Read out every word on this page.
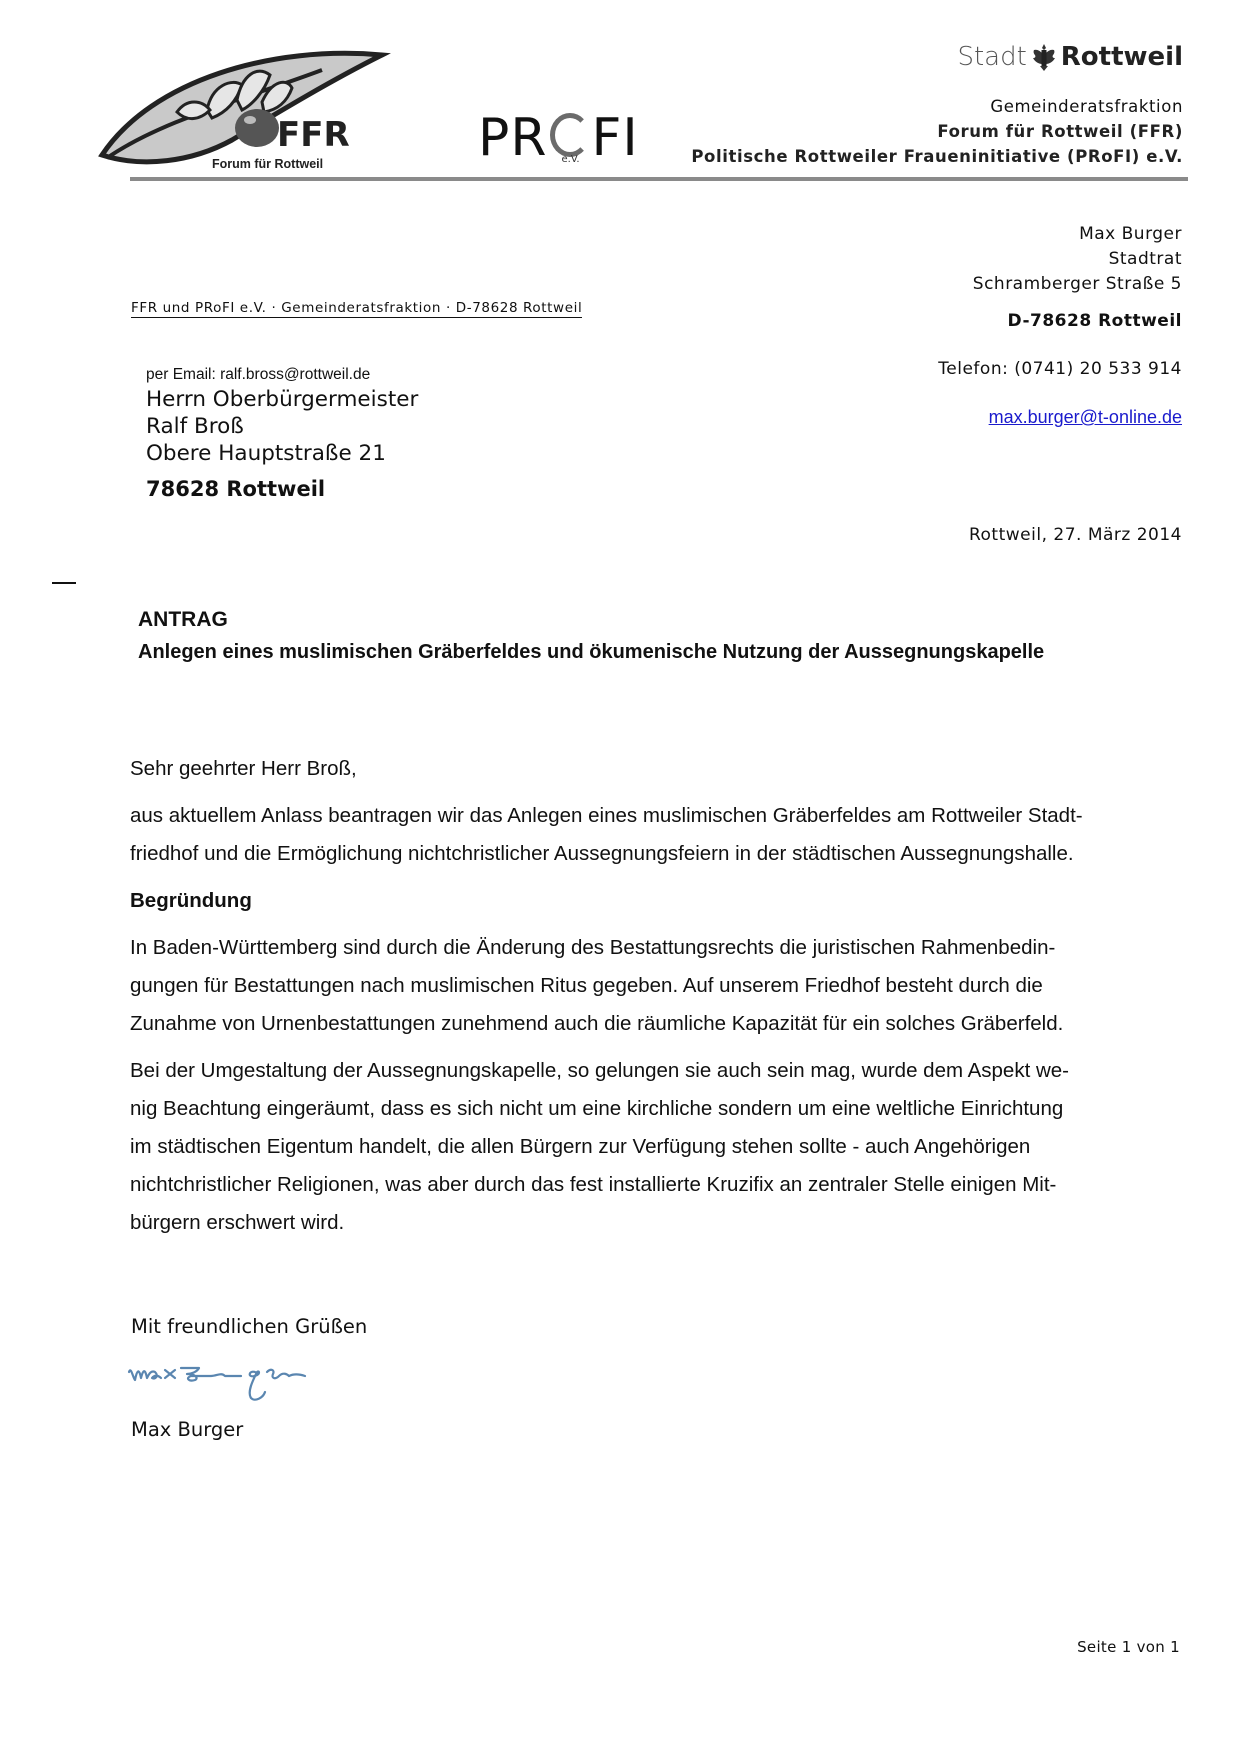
FFR
Forum für Rottweil	PR e.V. FI
Stadt Rottweil
Gemeinderatsfraktion
Forum für Rottweil (FFR)
Politische Rottweiler Fraueninitiative (PRoFI) e.V.
Max Burger
Stadtrat
Schramberger Straße 5
D-78628 Rottweil
Telefon: (0741) 20 533 914
max.burger@t-online.de
FFR und PRoFI e.V. · Gemeinderatsfraktion · D-78628 Rottweil
per Email: ralf.bross@rottweil.de
Herrn Oberbürgermeister
Ralf Broß
Obere Hauptstraße 21
78628 Rottweil
Rottweil, 27. März 2014
ANTRAG
Anlegen eines muslimischen Gräberfeldes und ökumenische Nutzung der Aussegnungskapelle

Sehr geehrter Herr Broß,

aus aktuellem Anlass beantragen wir das Anlegen eines muslimischen Gräberfeldes am Rottweiler Stadt-
friedhof und die Ermöglichung nichtchristlicher Aussegnungsfeiern in der städtischen Aussegnungshalle.

Begründung

In Baden-Württemberg sind durch die Änderung des Bestattungsrechts die juristischen Rahmenbedin-
gungen für Bestattungen nach muslimischen Ritus gegeben. Auf unserem Friedhof besteht durch die
Zunahme von Urnenbestattungen zunehmend auch die räumliche Kapazität für ein solches Gräberfeld.

Bei der Umgestaltung der Aussegnungskapelle, so gelungen sie auch sein mag, wurde dem Aspekt we-
nig Beachtung eingeräumt, dass es sich nicht um eine kirchliche sondern um eine weltliche Einrichtung
im städtischen Eigentum handelt, die allen Bürgern zur Verfügung stehen sollte - auch Angehörigen
nichtchristlicher Religionen, was aber durch das fest installierte Kruzifix an zentraler Stelle einigen Mit-
bürgern erschwert wird.

Mit freundlichen Grüßen
Max Burger
Seite 1 von 1
